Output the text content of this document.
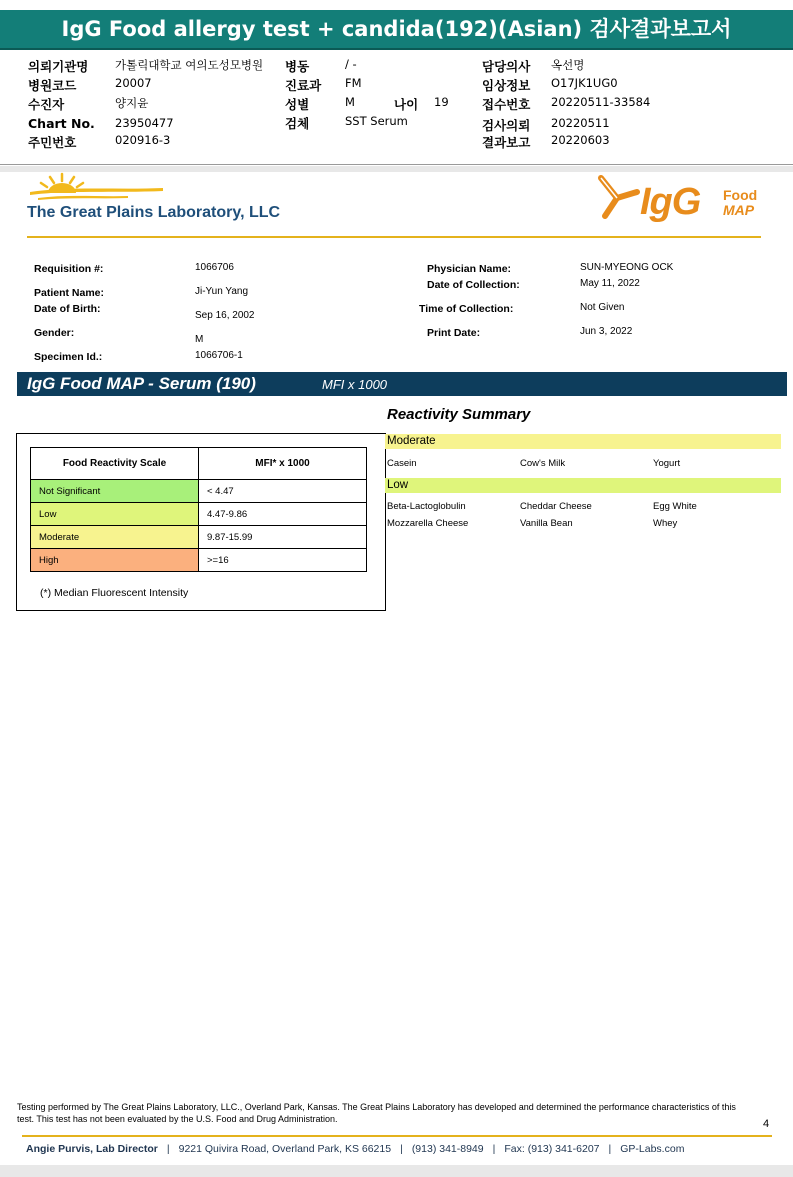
IgG Food allergy test + candida(192)(Asian) 검사결과보고서
의뢰기관명 가톨릭대학교 여의도성모병원 병동	/ -	담당의사 옥선명
병원코드	20007	진료과 FM	임상정보 O17JK1UG0
수진자	양지윤	성별	M	나이 19	접수번호 20220511-33584
Chart No. 23950477	검체	SST Serum	검사의뢰 20220511
주민번호	020916-3	결과보고 20220603
The Great Plains Laboratory, LLC	IgG Food
MAP
Requisition #:	1066706
Patient Name:	Ji-Yun Yang
Date of Birth:
Sep 16, 2002
Gender:
M
Specimen Id.:	1066706-1
Physician Name:	SUN-MYEONG OCK
Date of Collection:	May 11, 2022
Time of Collection:	Not Given
Print Date:	Jun 3, 2022
IgG Food MAP - Serum (190)	MFI x 1000
Reactivity Summary
Food Reactivity Scale	MFI* x 1000
Not Significant	< 4.47
Low	4.47-9.86
Moderate	9.87-15.99
High	>=16
(*) Median Fluorescent Intensity
Moderate
Casein	Cow's Milk	Yogurt
Low
Beta-Lactoglobulin	Cheddar Cheese	Egg White
Mozzarella Cheese	Vanilla Bean	Whey
Testing performed by The Great Plains Laboratory, LLC., Overland Park, Kansas. The Great Plains Laboratory has developed and determined the performance characteristics of this test. This test has not been evaluated by the U.S. Food and Drug Administration.	4
Angie Purvis, Lab Director | 9221 Quivira Road, Overland Park, KS 66215 | (913) 341-8949 | Fax: (913) 341-6207 | GP-Labs.com
